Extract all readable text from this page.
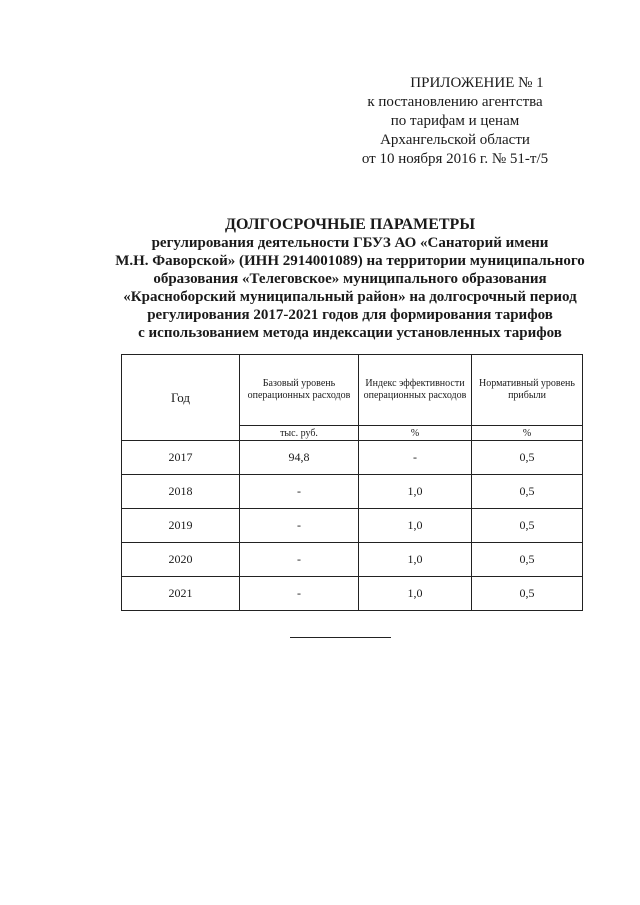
ПРИЛОЖЕНИЕ № 1
к постановлению агентства
по тарифам и ценам
Архангельской области
от 10 ноября 2016 г. № 51-т/5
ДОЛГОСРОЧНЫЕ ПАРАМЕТРЫ
регулирования деятельности ГБУЗ АО «Санаторий имени
М.Н. Фаворской» (ИНН 2914001089) на территории муниципального
образования «Телеговское» муниципального образования
«Красноборский муниципальный район» на долгосрочный период
регулирования 2017-2021 годов для формирования тарифов
с использованием метода индексации установленных тарифов
Год	Базовый уровень операционных расходов	Индекс эффективности операционных расходов	Нормативный уровень прибыли
	тыс. руб.	%	%
2017	94,8	-	0,5
2018	-	1,0	0,5
2019	-	1,0	0,5
2020	-	1,0	0,5
2021	-	1,0	0,5
